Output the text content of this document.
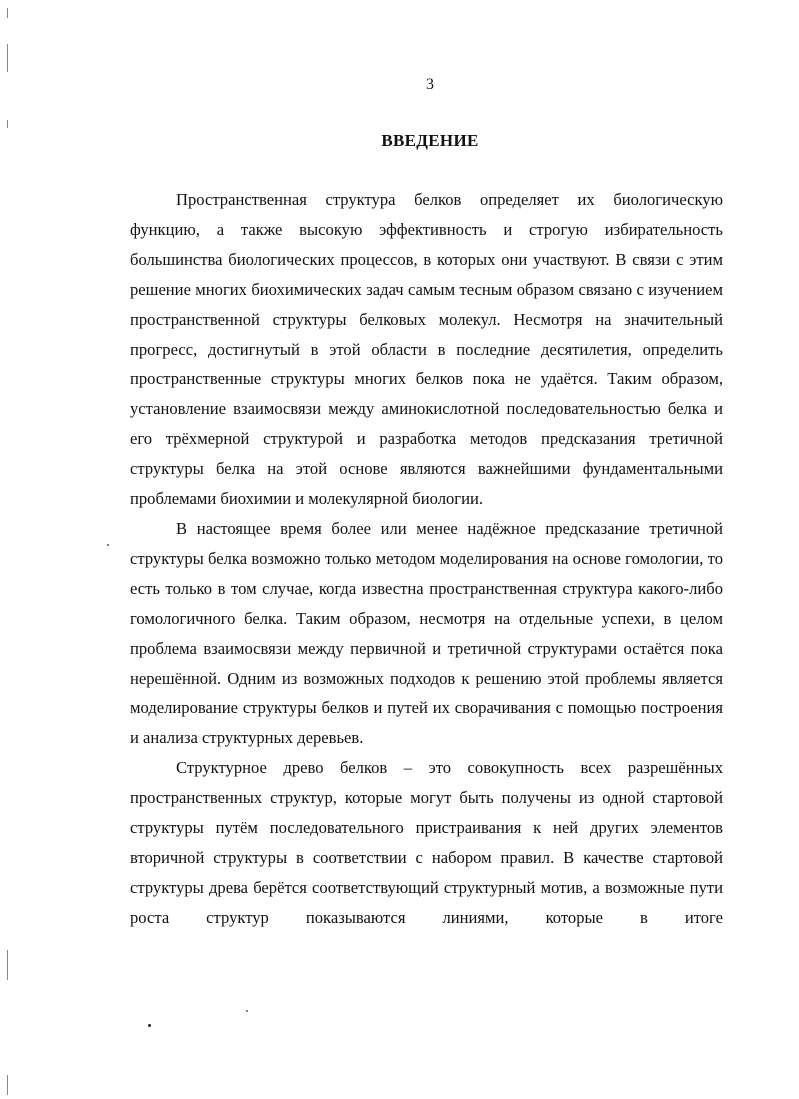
3
ВВЕДЕНИЕ

Пространственная структура белков определяет их биологическую функцию, а также высокую эффективность и строгую избирательность большинства биологических процессов, в которых они участвуют. В связи с этим решение многих биохимических задач самым тесным образом связано с изучением пространственной структуры белковых молекул. Несмотря на значительный прогресс, достигнутый в этой области в последние десятилетия, определить пространственные структуры многих белков пока не удаётся. Таким образом, установление взаимосвязи между аминокислотной последовательностью белка и его трёхмерной структурой и разработка методов предсказания третичной структуры белка на этой основе являются важнейшими фундаментальными проблемами биохимии и молекулярной биологии.

В настоящее время более или менее надёжное предсказание третичной структуры белка возможно только методом моделирования на основе гомологии, то есть только в том случае, когда известна пространственная структура какого-либо гомологичного белка. Таким образом, несмотря на отдельные успехи, в целом проблема взаимосвязи между первичной и третичной структурами остаётся пока нерешённой. Одним из возможных подходов к решению этой проблемы является моделирование структуры белков и путей их сворачивания с помощью построения и анализа структурных деревьев.

Структурное древо белков – это совокупность всех разрешённых пространственных структур, которые могут быть получены из одной стартовой структуры путём последовательного пристраивания к ней других элементов вторичной структуры в соответствии с набором правил. В качестве стартовой структуры древа берётся соответствующий структурный мотив, а возможные пути роста структур показываются линиями, которые в итоге
